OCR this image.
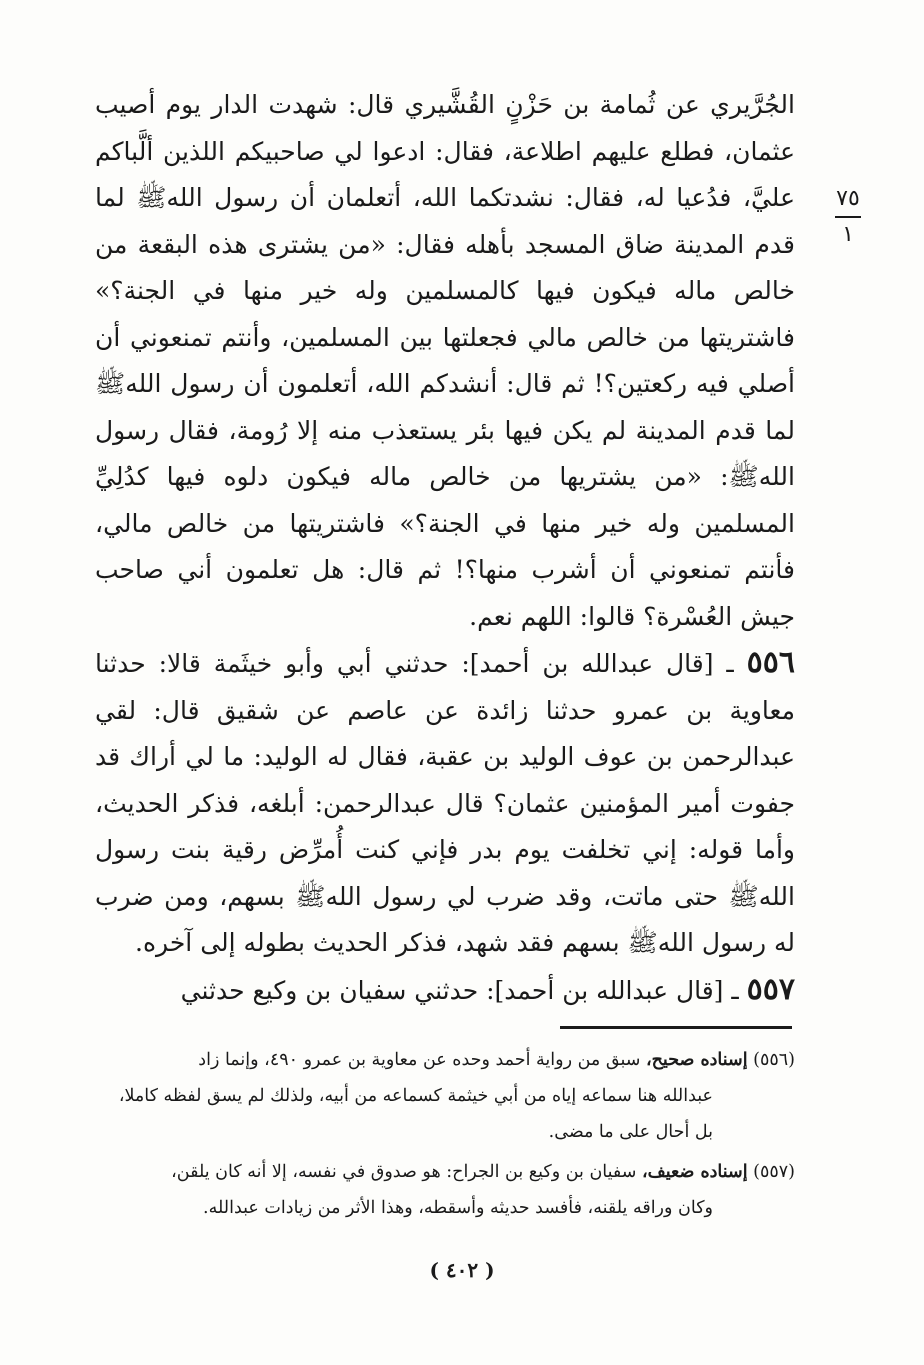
٧٥
١

الجُرَّيري عن ثُمامة بن حَزْنٍ القُشَّيري قال: شهدت الدار يوم أصيب عثمان، فطلع عليهم اطلاعة، فقال: ادعوا لي صاحبيكم اللذين ألَّباكم عليَّ، فدُعيا له، فقال: نشدتكما الله، أتعلمان أن رسول اللهﷺ لما قدم المدينة ضاق المسجد بأهله فقال: «من يشترى هذه البقعة من خالص ماله فيكون فيها كالمسلمين وله خير منها في الجنة؟» فاشتريتها من خالص مالي فجعلتها بين المسلمين، وأنتم تمنعوني أن أصلي فيه ركعتين؟! ثم قال: أنشدكم الله، أتعلمون أن رسول اللهﷺ لما قدم المدينة لم يكن فيها بئر يستعذب منه إلا رُومة، فقال رسول اللهﷺ: «من يشتريها من خالص ماله فيكون دلوه فيها كدُلِيِّ المسلمين وله خير منها في الجنة؟» فاشتريتها من خالص مالي، فأنتم تمنعوني أن أشرب منها؟! ثم قال: هل تعلمون أني صاحب جيش العُسْرة؟ قالوا: اللهم نعم.

٥٥٦ ـ [قال عبدالله بن أحمد]: حدثني أبي وأبو خيثَمة قالا: حدثنا معاوية بن عمرو حدثنا زائدة عن عاصم عن شقيق قال: لقي عبدالرحمن بن عوف الوليد بن عقبة، فقال له الوليد: ما لي أراك قد جفوت أمير المؤمنين عثمان؟ قال عبدالرحمن: أبلغه، فذكر الحديث، وأما قوله: إني تخلفت يوم بدر فإني كنت أُمرِّض رقية بنت رسول اللهﷺ حتى ماتت، وقد ضرب لي رسول اللهﷺ بسهم، ومن ضرب له رسول اللهﷺ بسهم فقد شهد، فذكر الحديث بطوله إلى آخره.

٥٥٧ ـ [قال عبدالله بن أحمد]: حدثني سفيان بن وكيع حدثني

(٥٥٦) إسناده صحيح، سبق من رواية أحمد وحده عن معاوية بن عمرو ٤٩٠، وإنما زاد
عبدالله هنا سماعه إياه من أبي خيثمة كسماعه من أبيه، ولذلك لم يسق لفظه كاملا،
بل أحال على ما مضى.

(٥٥٧) إسناده ضعيف، سفيان بن وكيع بن الجراح: هو صدوق في نفسه، إلا أنه كان يلقن،
وكان وراقه يلقنه، فأفسد حديثه وأسقطه، وهذا الأثر من زيادات عبدالله.

( ٤٠٢ )
